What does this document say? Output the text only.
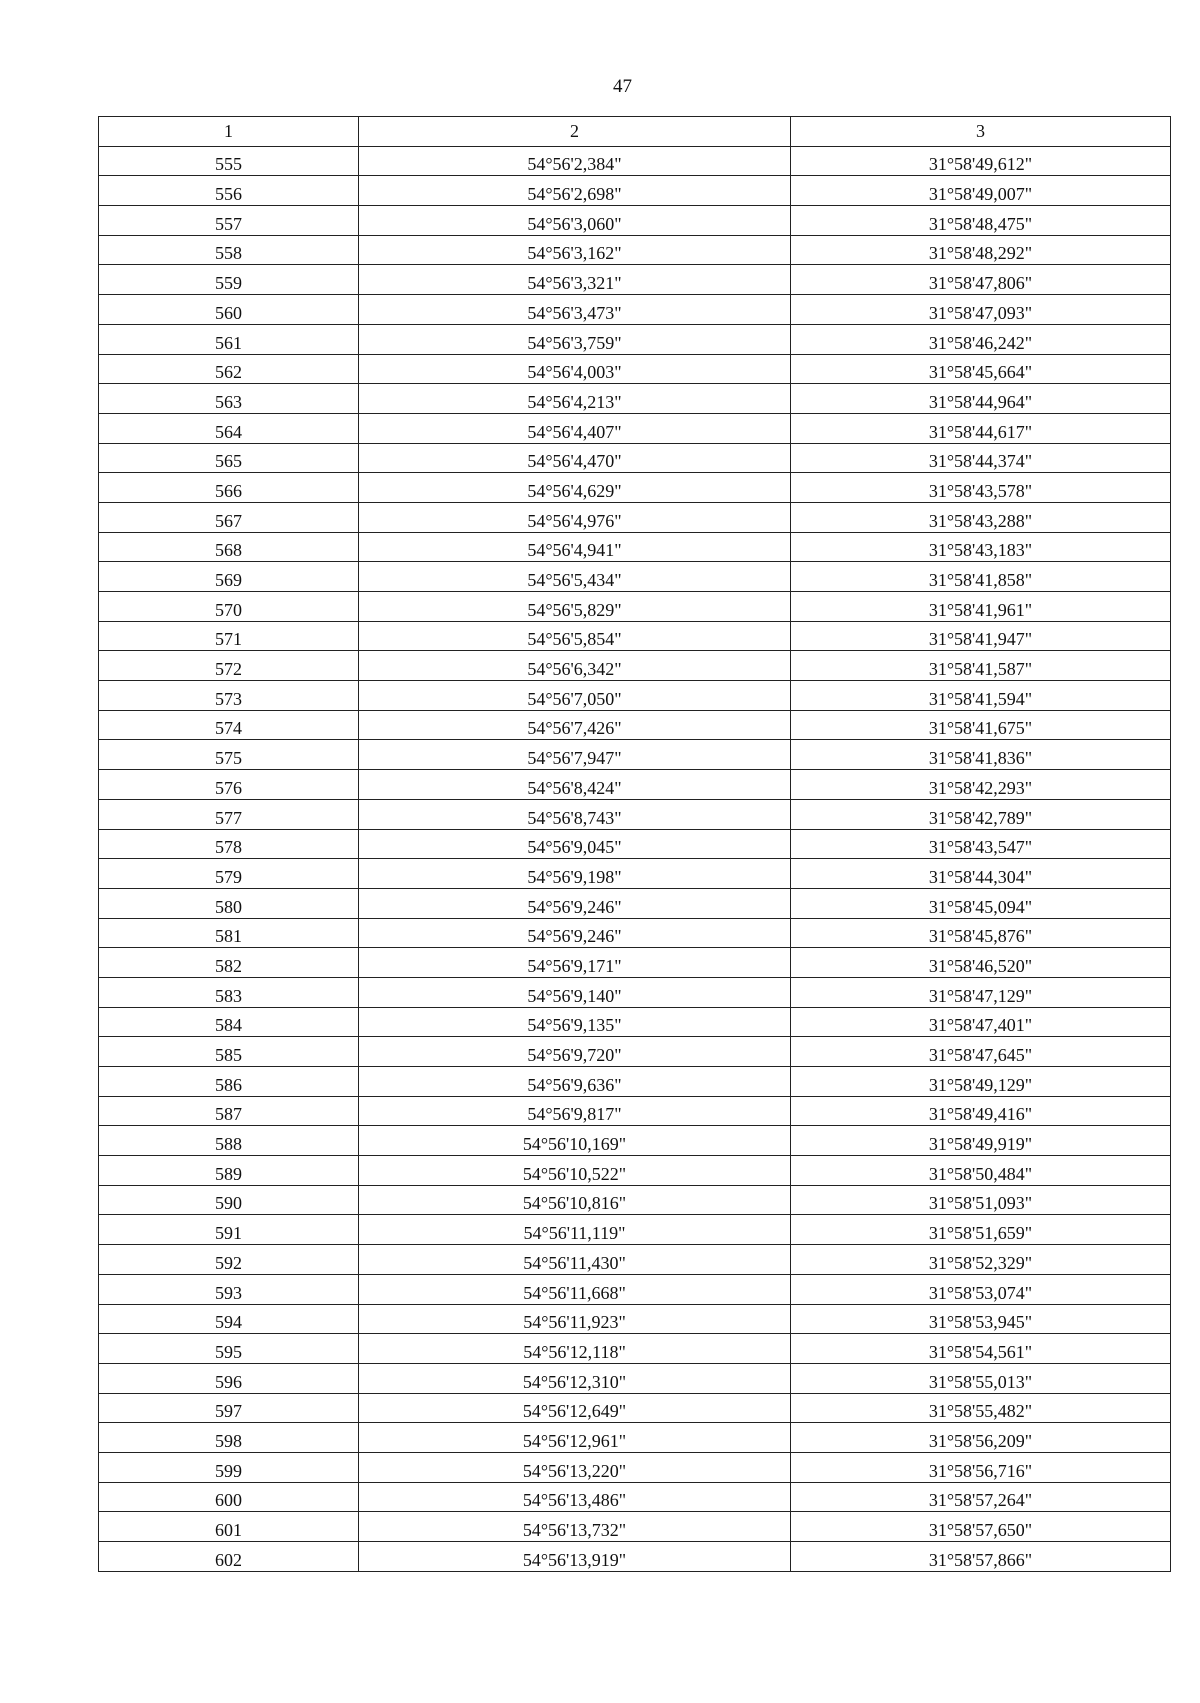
47
1	2	3
555	54°56'2,384"	31°58'49,612"
556	54°56'2,698"	31°58'49,007"
557	54°56'3,060"	31°58'48,475"
558	54°56'3,162"	31°58'48,292"
559	54°56'3,321"	31°58'47,806"
560	54°56'3,473"	31°58'47,093"
561	54°56'3,759"	31°58'46,242"
562	54°56'4,003"	31°58'45,664"
563	54°56'4,213"	31°58'44,964"
564	54°56'4,407"	31°58'44,617"
565	54°56'4,470"	31°58'44,374"
566	54°56'4,629"	31°58'43,578"
567	54°56'4,976"	31°58'43,288"
568	54°56'4,941"	31°58'43,183"
569	54°56'5,434"	31°58'41,858"
570	54°56'5,829"	31°58'41,961"
571	54°56'5,854"	31°58'41,947"
572	54°56'6,342"	31°58'41,587"
573	54°56'7,050"	31°58'41,594"
574	54°56'7,426"	31°58'41,675"
575	54°56'7,947"	31°58'41,836"
576	54°56'8,424"	31°58'42,293"
577	54°56'8,743"	31°58'42,789"
578	54°56'9,045"	31°58'43,547"
579	54°56'9,198"	31°58'44,304"
580	54°56'9,246"	31°58'45,094"
581	54°56'9,246"	31°58'45,876"
582	54°56'9,171"	31°58'46,520"
583	54°56'9,140"	31°58'47,129"
584	54°56'9,135"	31°58'47,401"
585	54°56'9,720"	31°58'47,645"
586	54°56'9,636"	31°58'49,129"
587	54°56'9,817"	31°58'49,416"
588	54°56'10,169"	31°58'49,919"
589	54°56'10,522"	31°58'50,484"
590	54°56'10,816"	31°58'51,093"
591	54°56'11,119"	31°58'51,659"
592	54°56'11,430"	31°58'52,329"
593	54°56'11,668"	31°58'53,074"
594	54°56'11,923"	31°58'53,945"
595	54°56'12,118"	31°58'54,561"
596	54°56'12,310"	31°58'55,013"
597	54°56'12,649"	31°58'55,482"
598	54°56'12,961"	31°58'56,209"
599	54°56'13,220"	31°58'56,716"
600	54°56'13,486"	31°58'57,264"
601	54°56'13,732"	31°58'57,650"
602	54°56'13,919"	31°58'57,866"
